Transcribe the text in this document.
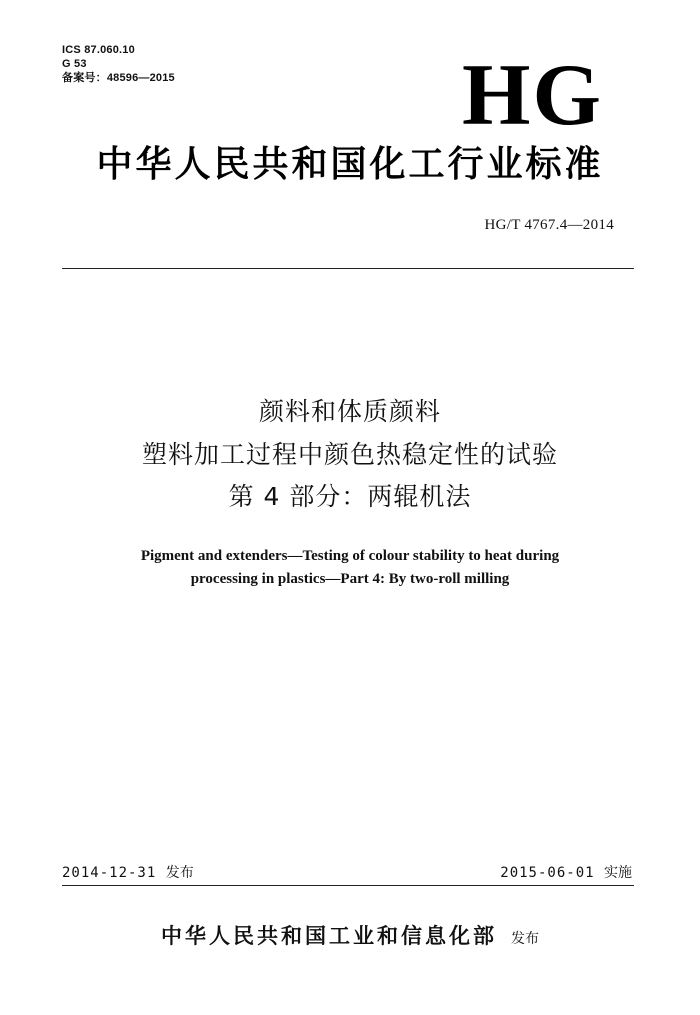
ICS 87.060.10
G 53
备案号：48596—2015	HG
中华人民共和国化工行业标准
HG/T 4767.4—2014
颜料和体质颜料
塑料加工过程中颜色热稳定性的试验
第 4 部分：两辊机法
Pigment and extenders—Testing of colour stability to heat during
processing in plastics—Part 4: By two-roll milling
2014-12-31 发布	2015-06-01 实施
中华人民共和国工业和信息化部 发布
